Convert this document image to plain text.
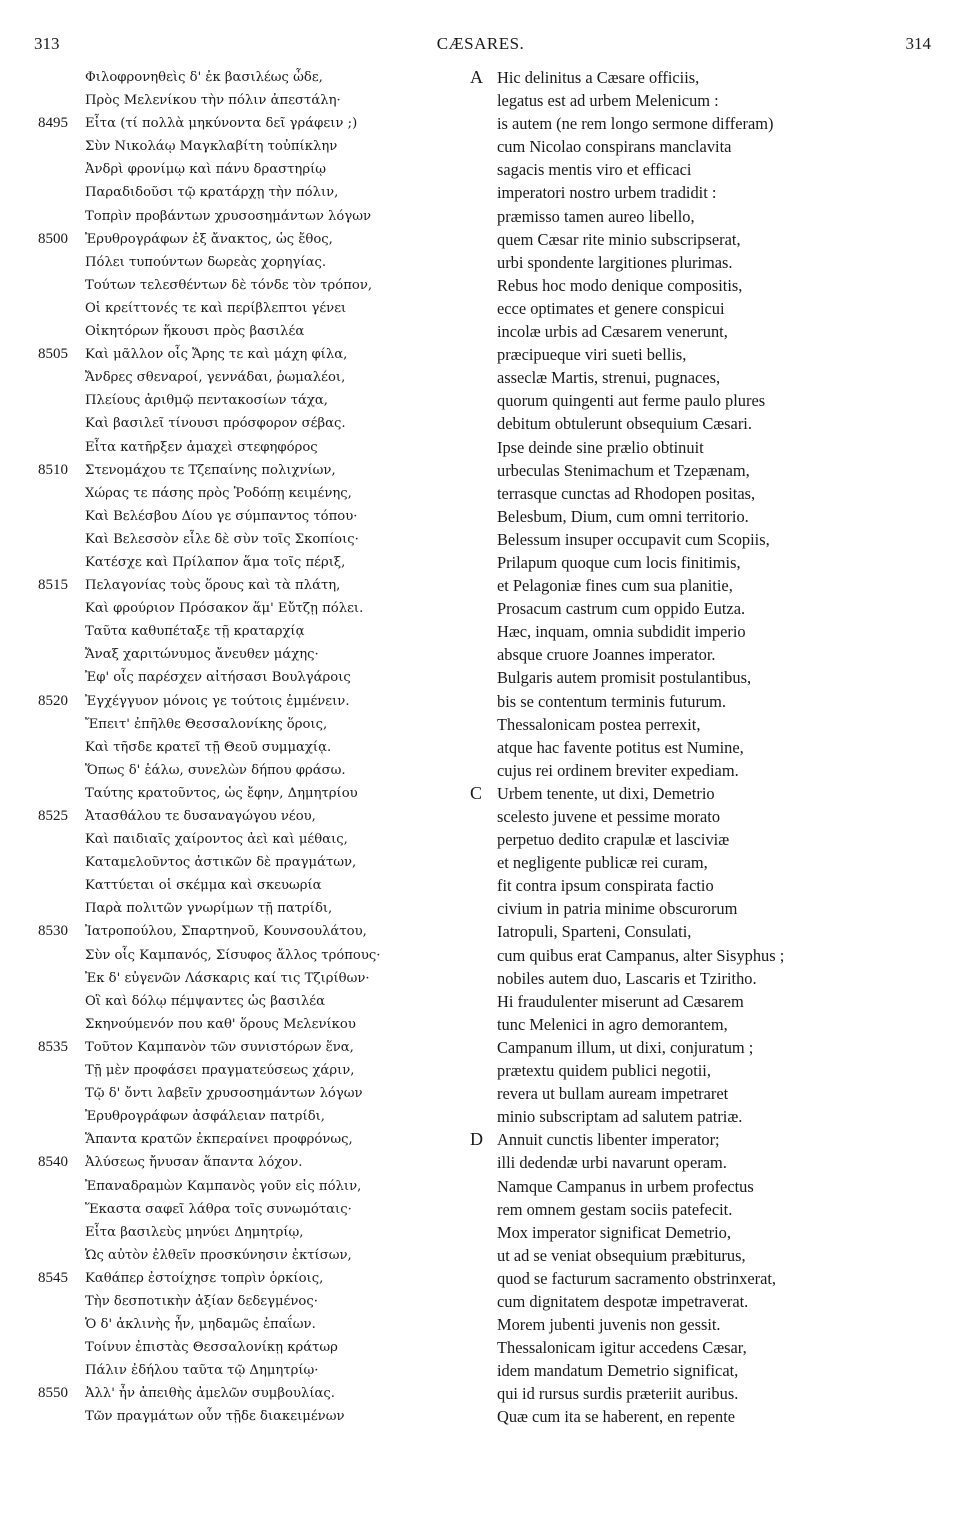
313	CÆSARES.	314
Φιλοφρονηθεὶς δ' ἐκ βασιλέως ὧδε,
Πρὸς Μελενίκου τὴν πόλιν ἀπεστάλη·
8495	Εἶτα (τί πολλὰ μηκύνοντα δεῖ γράφειν ;)
Σὺν Νικολάῳ Μαγκλαβίτη τοὐπίκλην
Ἀνδρὶ φρονίμῳ καὶ πάνυ δραστηρίῳ
Παραδιδοῦσι τῷ κρατάρχῃ τὴν πόλιν,
Τοπρὶν προβάντων χρυσοσημάντων λόγων
8500	Ἐρυθρογράφων ἐξ ἄνακτος, ὡς ἔθος,
Πόλει τυπούντων δωρεὰς χορηγίας.
Τούτων τελεσθέντων δὲ τόνδε τὸν τρόπον,
Οἱ κρείττονές τε καὶ περίβλεπτοι γένει
Οἰκητόρων ἥκουσι πρὸς βασιλέα
8505	Καὶ μᾶλλον οἷς Ἄρης τε καὶ μάχη φίλα,
Ἄνδρες σθεναροί, γεννάδαι, ῥωμαλέοι,
Πλείους ἀριθμῷ πεντακοσίων τάχα,
Καὶ βασιλεῖ τίνουσι πρόσφορον σέβας.
Εἶτα κατῆρξεν ἀμαχεὶ στεφηφόρος
8510	Στενομάχου τε Τζεπαίνης πολιχνίων,
Χώρας τε πάσης πρὸς Ῥοδόπῃ κειμένης,
Καὶ Βελέσβου Δίου γε σύμπαντος τόπου·
Καὶ Βελεσσὸν εἷλε δὲ σὺν τοῖς Σκοπίοις·
Κατέσχε καὶ Πρίλαπον ἅμα τοῖς πέριξ,
8515	Πελαγονίας τοὺς ὅρους καὶ τὰ πλάτη,
Καὶ φρούριον Πρόσακον ἅμ' Εὔτζῃ πόλει.
Ταῦτα καθυπέταξε τῇ κραταρχίᾳ
Ἄναξ χαριτώνυμος ἄνευθεν μάχης·
Ἐφ' οἷς παρέσχεν αἰτήσασι Βουλγάροις
8520	Ἐγχέγγυον μόνοις γε τούτοις ἐμμένειν.
Ἔπειτ' ἐπῆλθε Θεσσαλονίκης ὅροις,
Καὶ τῆσδε κρατεῖ τῇ Θεοῦ συμμαχίᾳ.
Ὅπως δ' ἑάλω, συνελὼν δήπου φράσω.
Ταύτης κρατοῦντος, ὡς ἔφην, Δημητρίου
8525	Ἀτασθάλου τε δυσαναγώγου νέου,
Καὶ παιδιαῖς χαίροντος ἀεὶ καὶ μέθαις,
Καταμελοῦντος ἀστικῶν δὲ πραγμάτων,
Καττύεται οἱ σκέμμα καὶ σκευωρία
Παρὰ πολιτῶν γνωρίμων τῇ πατρίδι,
8530	Ἰατροπούλου, Σπαρτηνοῦ, Κουνσουλάτου,
Σὺν οἷς Καμπανός, Σίσυφος ἄλλος τρόπους·
Ἐκ δ' εὐγενῶν Λάσκαρις καί τις Τζιρίθων·
Οἳ καὶ δόλῳ πέμψαντες ὡς βασιλέα
Σκηνούμενόν που καθ' ὅρους Μελενίκου
8535	Τοῦτον Καμπανὸν τῶν συνιστόρων ἕνα,
Τῇ μὲν προφάσει πραγματεύσεως χάριν,
Τῷ δ' ὄντι λαβεῖν χρυσοσημάντων λόγων
Ἐρυθρογράφων ἀσφάλειαν πατρίδι,
Ἅπαντα κρατῶν ἐκπεραίνει προφρόνως,
8540	Ἀλύσεως ἤνυσαν ἅπαντα λόχον.
Ἐπαναδραμὼν Καμπανὸς γοῦν εἰς πόλιν,
Ἕκαστα σαφεῖ λάθρα τοῖς συνωμόταις·
Εἶτα βασιλεὺς μηνύει Δημητρίῳ,
Ὡς αὐτὸν ἐλθεῖν προσκύνησιν ἐκτίσων,
8545	Καθάπερ ἐστοίχησε τοπρὶν ὁρκίοις,
Τὴν δεσποτικὴν ἀξίαν δεδεγμένος·
Ὁ δ' ἀκλινὴς ἦν, μηδαμῶς ἐπαΐων.
Τοίνυν ἐπιστὰς Θεσσαλονίκῃ κράτωρ
Πάλιν ἐδήλου ταῦτα τῷ Δημητρίῳ·
8550	Ἀλλ' ἦν ἀπειθὴς ἀμελῶν συμβουλίας.
Τῶν πραγμάτων οὖν τῇδε διακειμένων
A Hic delinitus a Cæsare officiis,
legatus est ad urbem Melenicum :
is autem (ne rem longo sermone differam)
cum Nicolao conspirans manclavita
sagacis mentis viro et efficaci
imperatori nostro urbem tradidit :
præmisso tamen aureo libello,
quem Cæsar rite minio subscripserat,
urbi spondente largitiones plurimas.
Rebus hoc modo denique compositis,
ecce optimates et genere conspicui
incolæ urbis ad Cæsarem venerunt,
præcipueque viri sueti bellis,
asseclæ Martis, strenui, pugnaces,
quorum quingenti aut ferme paulo plures
debitum obtulerunt obsequium Cæsari.
Ipse deinde sine prælio obtinuit
urbeculas Stenimachum et Tzepænam,
terrasque cunctas ad Rhodopen positas,
Belesbum, Dium, cum omni territorio.
Belessum insuper occupavit cum Scopiis,
Prilapum quoque cum locis finitimis,
et Pelagoniæ fines cum sua planitie,
Prosacum castrum cum oppido Eutza.
Hæc, inquam, omnia subdidit imperio
absque cruore Joannes imperator.
Bulgaris autem promisit postulantibus,
bis se contentum terminis futurum.
Thessalonicam postea perrexit,
atque hac favente potitus est Numine,
cujus rei ordinem breviter expediam.
C Urbem tenente, ut dixi, Demetrio
scelesto juvene et pessime morato
perpetuo dedito crapulæ et lasciviæ
et negligente publicæ rei curam,
fit contra ipsum conspirata factio
civium in patria minime obscurorum
Iatropuli, Sparteni, Consulati,
cum quibus erat Campanus, alter Sisyphus ;
nobiles autem duo, Lascaris et Tziritho.
Hi fraudulenter miserunt ad Cæsarem
tunc Melenici in agro demorantem,
Campanum illum, ut dixi, conjuratum ;
prætextu quidem publici negotii,
revera ut bullam auream impetraret
minio subscriptam ad salutem patriæ.
D Annuit cunctis libenter imperator;
illi dedendæ urbi navarunt operam.
Namque Campanus in urbem profectus
rem omnem gestam sociis patefecit.
Mox imperator significat Demetrio,
ut ad se veniat obsequium præbiturus,
quod se facturum sacramento obstrinxerat,
cum dignitatem despotæ impetraverat.
Morem jubenti juvenis non gessit.
Thessalonicam igitur accedens Cæsar,
idem mandatum Demetrio significat,
qui id rursus surdis præteriit auribus.
Quæ cum ita se haberent, en repente
